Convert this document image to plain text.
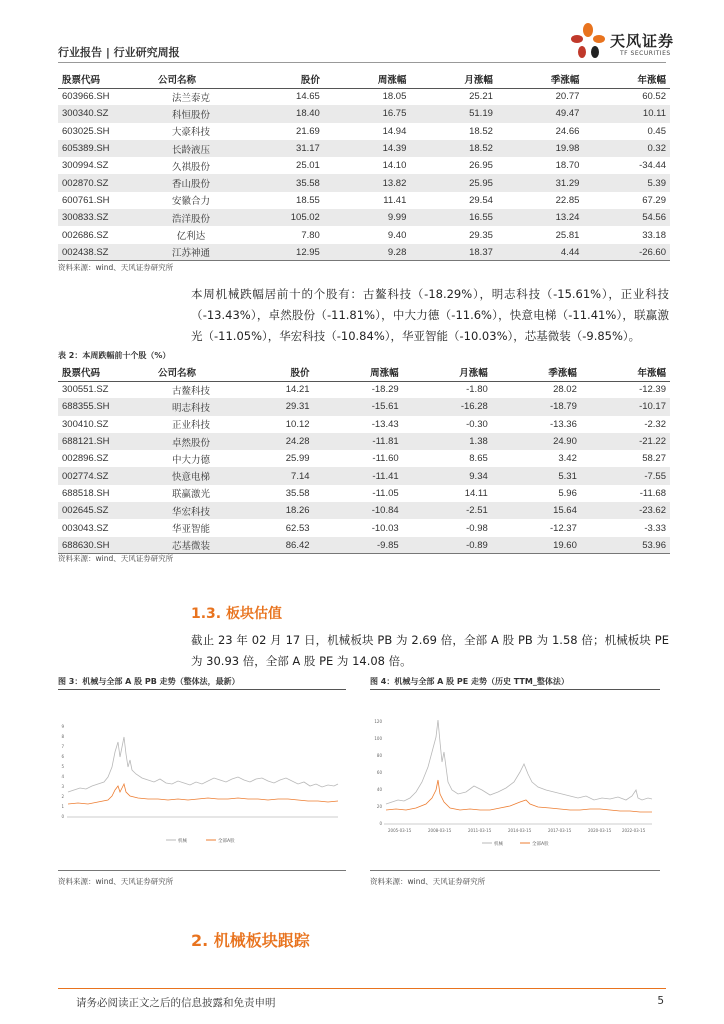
行业报告 | 行业研究周报
天风证券
TF SECURITIES
股票代码	公司名称	股价	周涨幅	月涨幅	季涨幅	年涨幅
603966.SH	法兰泰克	14.65	18.05	25.21	20.77	60.52
300340.SZ	科恒股份	18.40	16.75	51.19	49.47	10.11
603025.SH	大豪科技	21.69	14.94	18.52	24.66	0.45
605389.SH	长龄液压	31.17	14.39	18.52	19.98	0.32
300994.SZ	久祺股份	25.01	14.10	26.95	18.70	-34.44
002870.SZ	香山股份	35.58	13.82	25.95	31.29	5.39
600761.SH	安徽合力	18.55	11.41	29.54	22.85	67.29
300833.SZ	浩洋股份	105.02	9.99	16.55	13.24	54.56
002686.SZ	亿利达	7.80	9.40	29.35	25.81	33.18
002438.SZ	江苏神通	12.95	9.28	18.37	4.44	-26.60
资料来源：wind、天风证券研究所
本周机械跌幅居前十的个股有：古鳌科技（-18.29%），明志科技（-15.61%），正业科技（-13.43%），卓然股份（-11.81%），中大力德（-11.6%），快意电梯（-11.41%），联赢激光（-11.05%），华宏科技（-10.84%），华亚智能（-10.03%），芯基微装（-9.85%）。
表 2：本周跌幅前十个股（%）
股票代码	公司名称	股价	周涨幅	月涨幅	季涨幅	年涨幅
300551.SZ	古鳌科技	14.21	-18.29	-1.80	28.02	-12.39
688355.SH	明志科技	29.31	-15.61	-16.28	-18.79	-10.17
300410.SZ	正业科技	10.12	-13.43	-0.30	-13.36	-2.32
688121.SH	卓然股份	24.28	-11.81	1.38	24.90	-21.22
002896.SZ	中大力德	25.99	-11.60	8.65	3.42	58.27
002774.SZ	快意电梯	7.14	-11.41	9.34	5.31	-7.55
688518.SH	联赢激光	35.58	-11.05	14.11	5.96	-11.68
002645.SZ	华宏科技	18.26	-10.84	-2.51	15.64	-23.62
003043.SZ	华亚智能	62.53	-10.03	-0.98	-12.37	-3.33
688630.SH	芯基微装	86.42	-9.85	-0.89	19.60	53.96
资料来源：wind、天风证券研究所
1.3. 板块估值
截止 23 年 02 月 17 日，机械板块 PB 为 2.69 倍，全部 A 股 PB 为 1.58 倍；机械板块 PE 为 30.93 倍，全部 A 股 PE 为 14.08 倍。
图 3：机械与全部 A 股 PB 走势（整体法，最新）
0
1
2
3
4
5
6
7
8
9
机械	全部A股
资料来源：wind、天风证券研究所
图 4：机械与全部 A 股 PE 走势（历史 TTM_整体法）
0
20
40
60
80
100
120
2005-03-15	2008-03-15	2011-03-15	2014-03-15	2017-03-15	2020-03-15	2022-03-15
机械	全部A股
资料来源：wind、天风证券研究所
2. 机械板块跟踪
请务必阅读正文之后的信息披露和免责申明	5
